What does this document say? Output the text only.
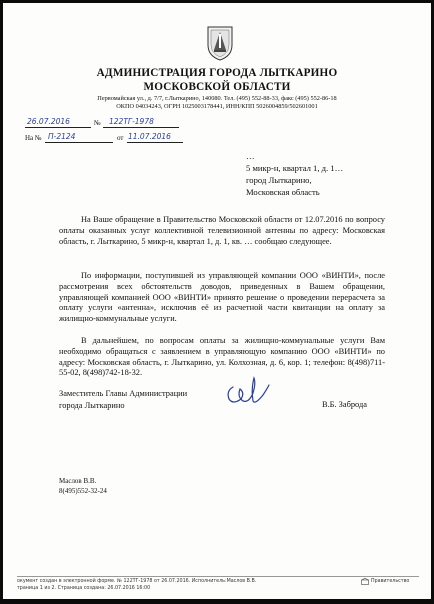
АДМИНИСТРАЦИЯ ГОРОДА ЛЫТКАРИНО
МОСКОВСКОЙ ОБЛАСТИ
Первомайская ул., д. 7/7, г.Лыткарино, 140080. Тел. (495) 552-88-33, факс (495) 552-86-18
ОКПО 04034243, ОГРН 1025003178441, ИНН/КПП 5026004859/502601001
26.07.2016	№ 122ТГ-1978
На № П-2124	от 11.07.2016
…
5 микр-н, квартал 1, д. 1…
город Лыткарино,
Московская область
На Ваше обращение в Правительство Московской области от 12.07.2016 по вопросу оплаты оказанных услуг коллективной телевизионной антенны по адресу: Московская область, г. Лыткарино, 5 микр-н, квартал 1, д. 1, кв. … сообщаю следующее.
По информации, поступившей из управляющей компании ООО «ВИНТИ», после рассмотрения всех обстоятельств доводов, приведенных в Вашем обращении, управляющей компанией ООО «ВИНТИ» принято решение о проведении перерасчета за оплату услуги «антенна», исключив её из расчетной части квитанции на оплату за жилищно-коммунальные услуги.
В дальнейшем, по вопросам оплаты за жилищно-коммунальные услуги Вам необходимо обращаться с заявлением в управляющую компанию ООО «ВИНТИ» по адресу: Московская область, г. Лыткарино, ул. Колхозная, д. 6, кор. 1; телефон: 8(498)711-55-02, 8(498)742-18-32.
Заместитель Главы Администрации
города Лыткарино	В.Б. Заброда
Маслов В.В.
8(495)552-32-24
окумент создан в электронной форме. № 122ТГ-1978 от 26.07.2016. Исполнитель:Маслов В.В.
траница 1 из 2. Страница создана: 26.07.2016 16:00
Правительство
